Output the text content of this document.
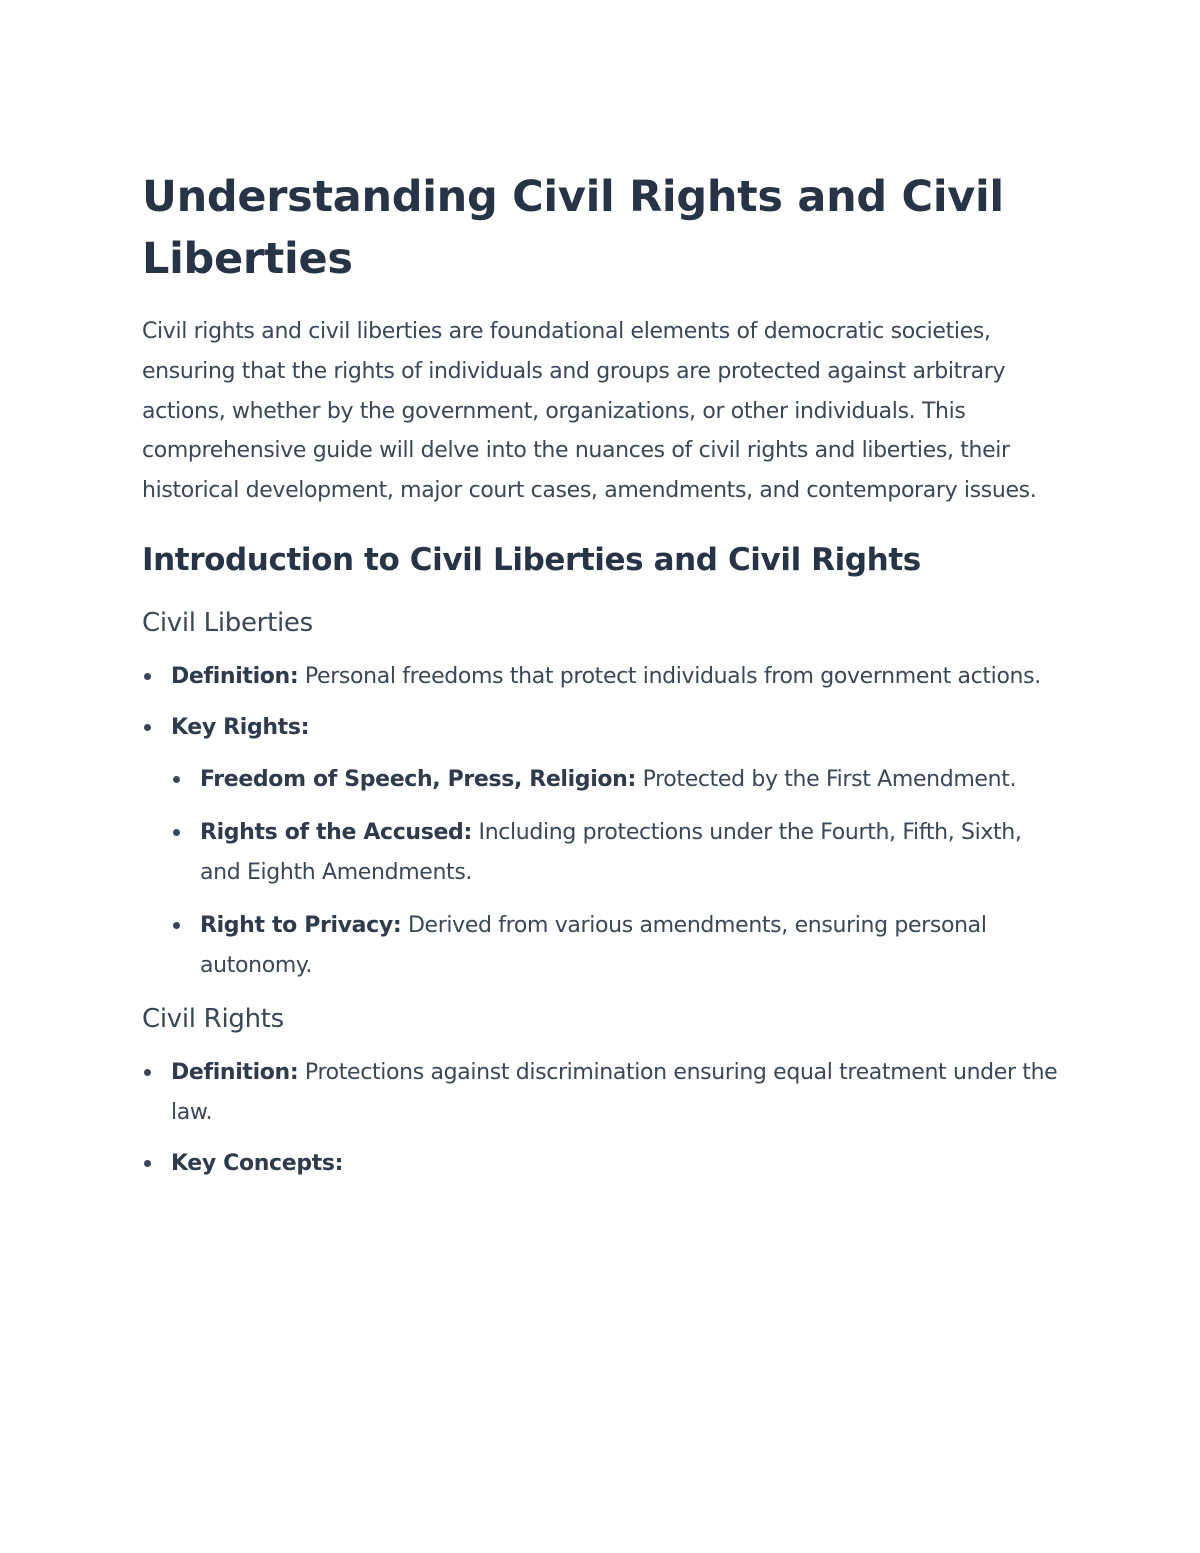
Understanding Civil Rights and Civil Liberties

Civil rights and civil liberties are foundational elements of democratic societies, ensuring that the rights of individuals and groups are protected against arbitrary actions, whether by the government, organizations, or other individuals. This comprehensive guide will delve into the nuances of civil rights and liberties, their historical development, major court cases, amendments, and contemporary issues.

Introduction to Civil Liberties and Civil Rights
Civil Liberties
Definition: Personal freedoms that protect individuals from government actions.
Key Rights:
Freedom of Speech, Press, Religion: Protected by the First Amendment.
Rights of the Accused: Including protections under the Fourth, Fifth, Sixth, and Eighth Amendments.
Right to Privacy: Derived from various amendments, ensuring personal autonomy.
Civil Rights
Definition: Protections against discrimination ensuring equal treatment under the law.
Key Concepts:
